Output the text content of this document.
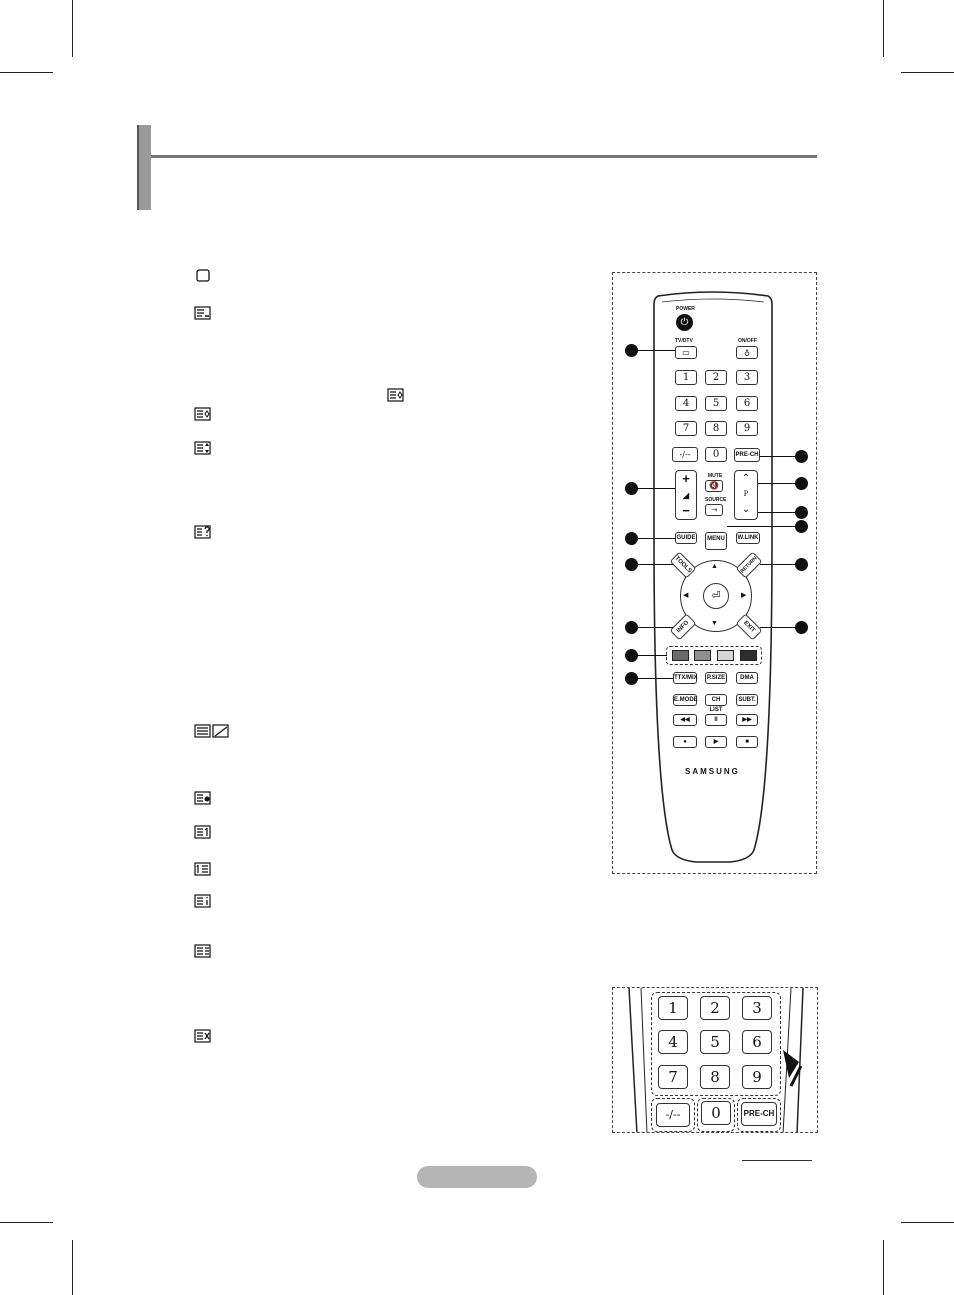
POWER
⏻
TV/DTV
▭
ON/OFF
♁
1	2	3
4	5	6
7	8	9
-/--	0	PRE-CH
+
◢
−
MUTE
🔇
SOURCE
⇥
⌃
P
⌄
GUIDE	MENU	W.LINK
▲
▼
◀	▶
⏎
TOOLS	RETURN
INFO	EXIT
TTX/MIX	P.SIZE	DMA
E.MODE	CH LIST
SUBT.
◀◀	II	▶▶
●	▶	■
SAMSUNG
1	2	3
4	5	6
7	8	9
-/--	0	PRE-CH
